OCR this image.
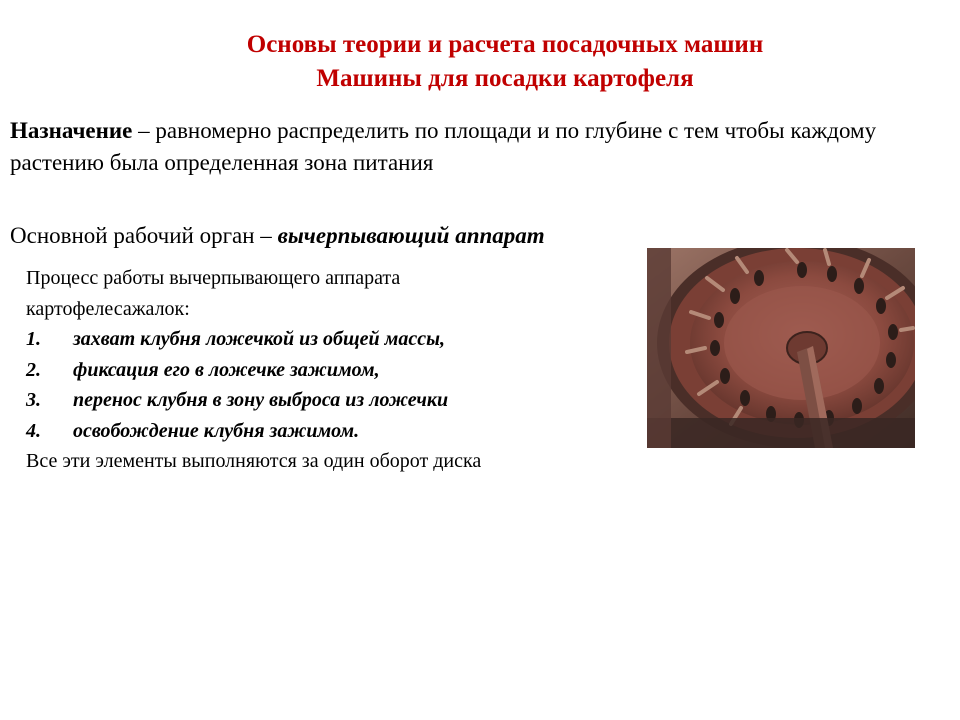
Основы теории и расчета посадочных машин
Машины для посадки картофеля
Назначение – равномерно распределить по площади и по глубине с тем чтобы каждому растению была определенная зона питания
Основной рабочий орган – вычерпывающий аппарат
Процесс работы вычерпывающего аппарата
картофелесажалок:
1.	захват клубня ложечкой из общей массы,
2.	фиксация его в ложечке зажимом,
3.	перенос клубня в зону выброса из ложечки
4.	освобождение клубня зажимом.
Все эти элементы выполняются за один оборот диска
